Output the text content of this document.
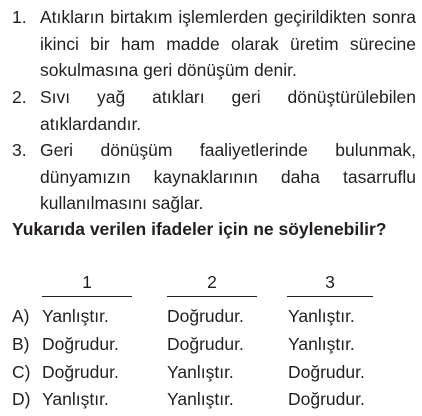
1. Atıkların birtakım işlemlerden geçirildikten sonra ikinci bir ham madde olarak üretim sürecine sokulmasına geri dönüşüm denir.
2. Sıvı yağ atıkları geri dönüştürülebilen atıklardandır.
3. Geri dönüşüm faaliyetlerinde bulunmak, dünyamızın kaynaklarının daha tasarruflu kullanılmasını sağlar.
Yukarıda verilen ifadeler için ne söylenebilir?
1	2	3
A) Yanlıştır.	Doğrudur.	Yanlıştır.
B) Doğrudur.	Doğrudur.	Yanlıştır.
C) Doğrudur.	Yanlıştır.	Doğrudur.
D) Yanlıştır.	Yanlıştır.	Doğrudur.
